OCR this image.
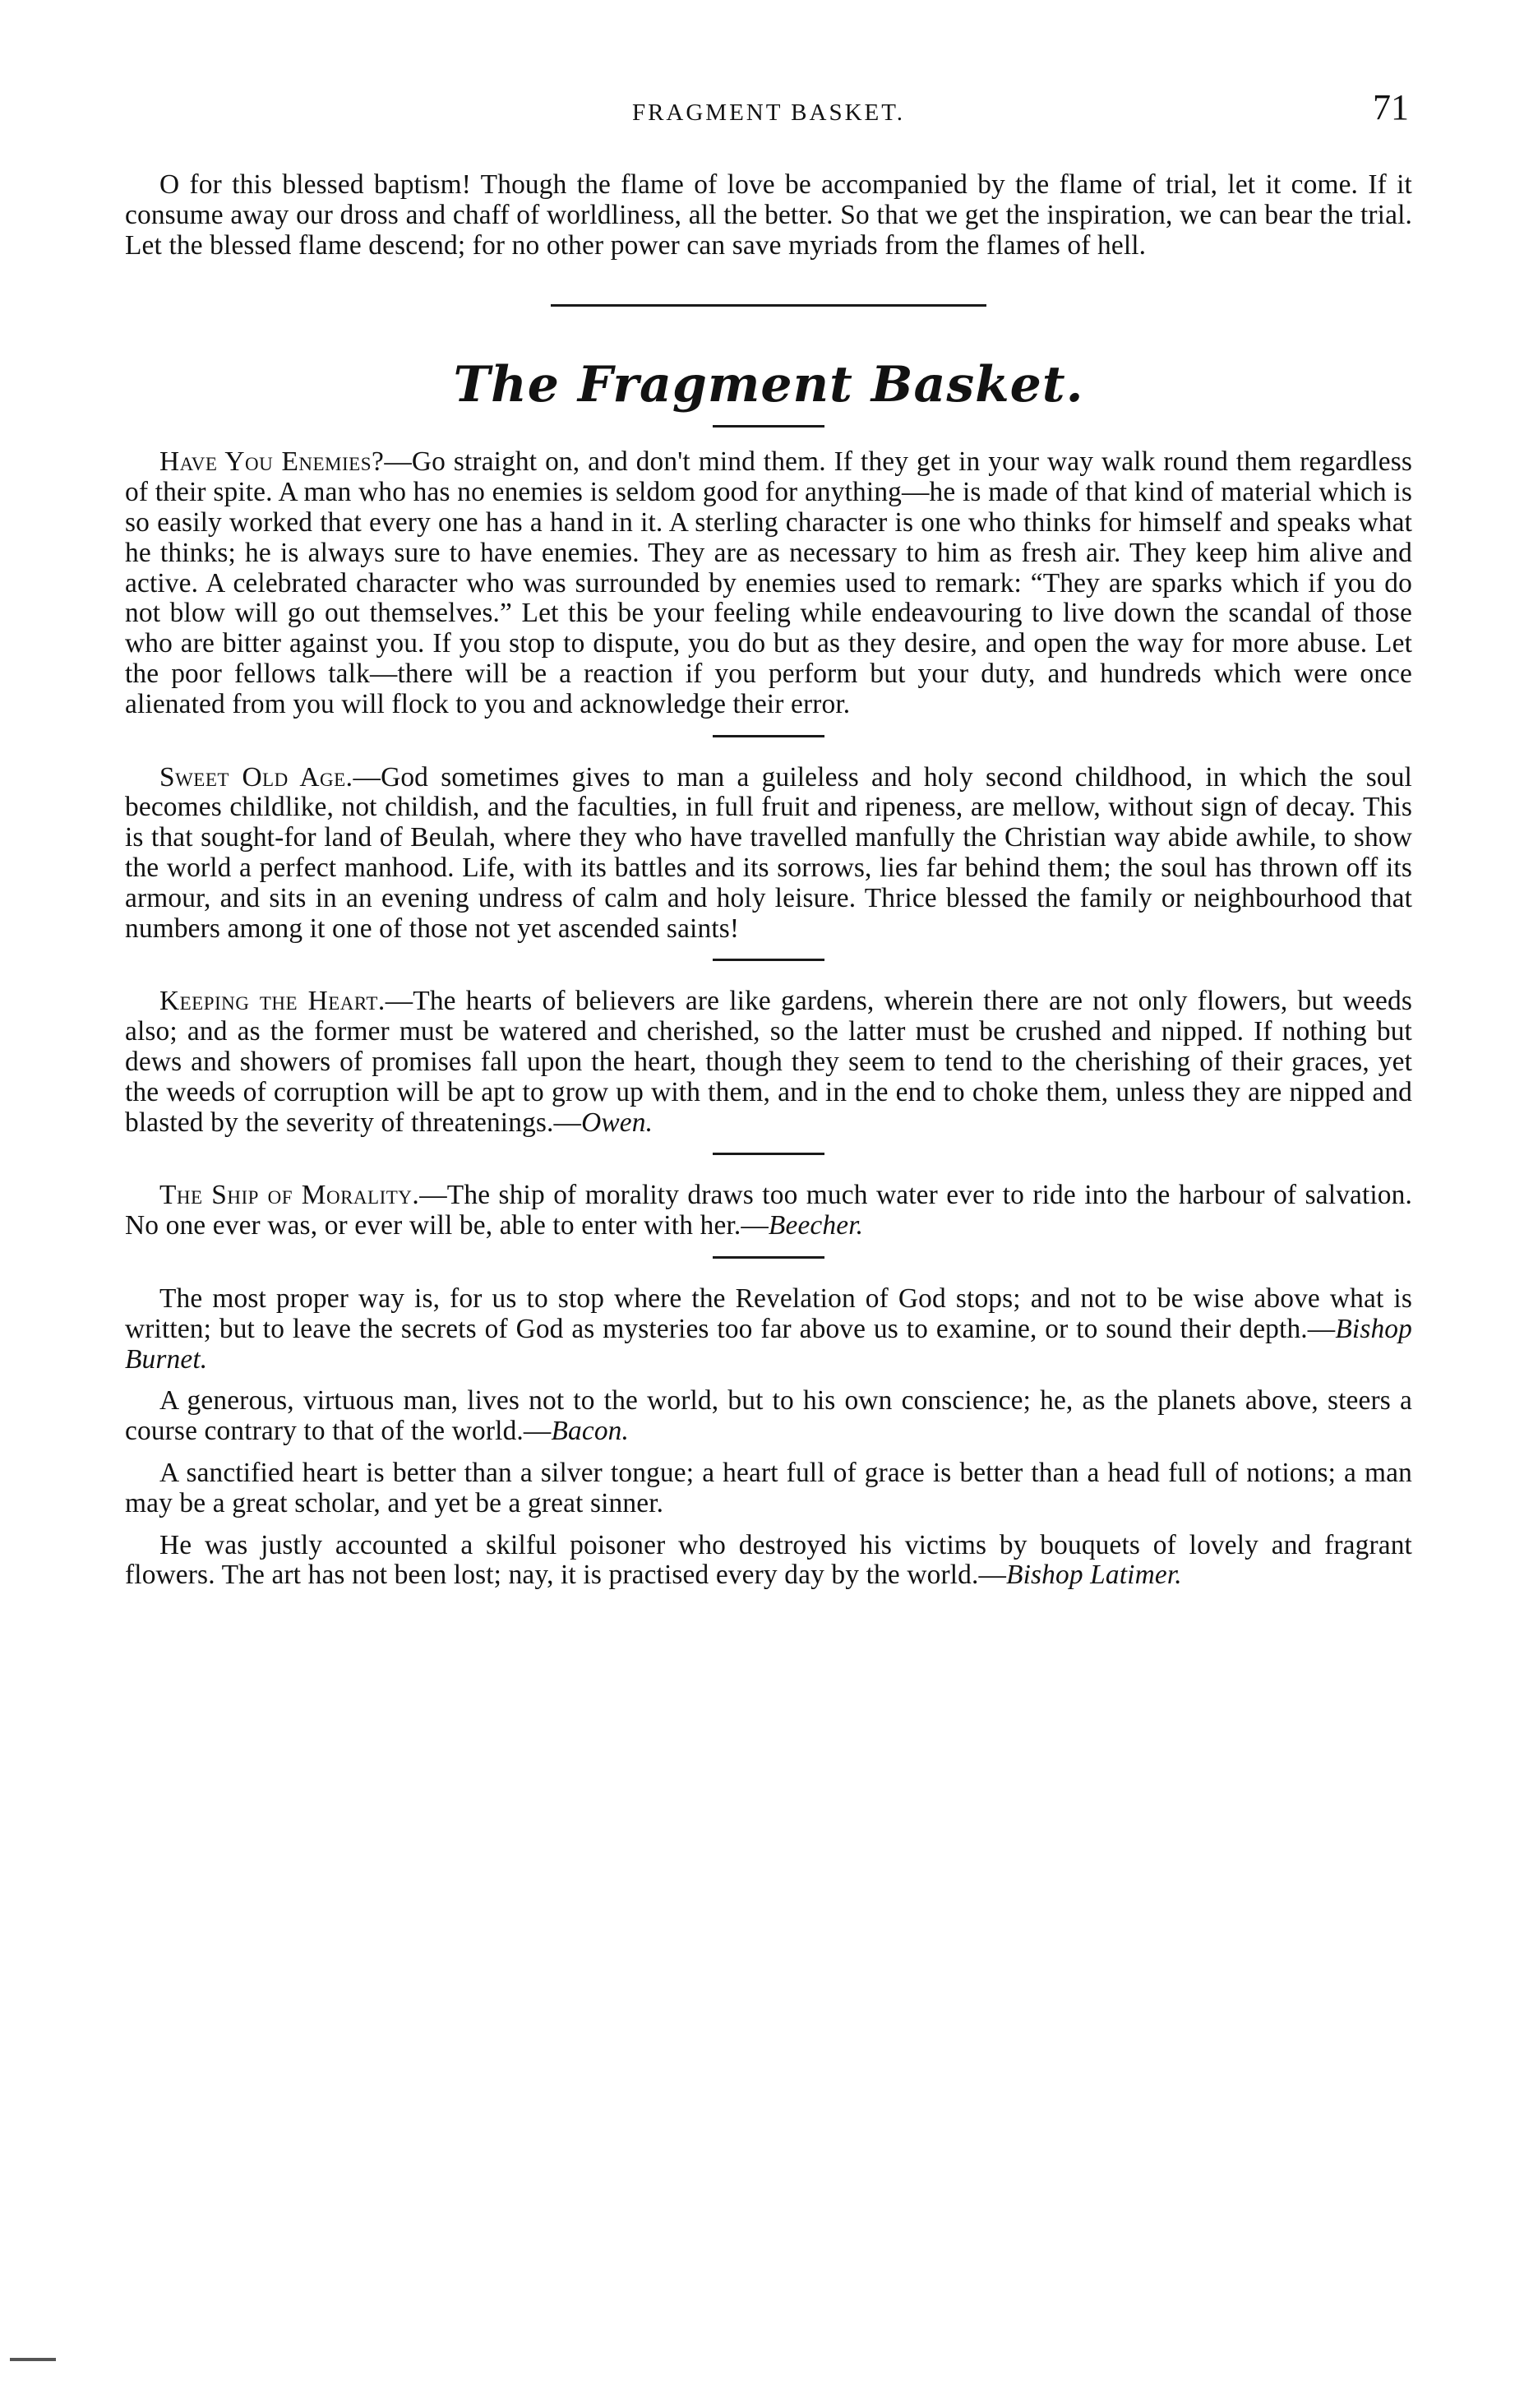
FRAGMENT BASKET.	71

O for this blessed baptism! Though the flame of love be accompanied by the flame of trial, let it come. If it consume away our dross and chaff of worldliness, all the better. So that we get the inspiration, we can bear the trial. Let the blessed flame descend; for no other power can save myriads from the flames of hell.

The Fragment Basket.

Have You Enemies?—Go straight on, and don't mind them. If they get in your way walk round them regardless of their spite. A man who has no enemies is seldom good for anything—he is made of that kind of material which is so easily worked that every one has a hand in it. A sterling character is one who thinks for himself and speaks what he thinks; he is always sure to have enemies. They are as necessary to him as fresh air. They keep him alive and active. A celebrated character who was surrounded by enemies used to remark: “They are sparks which if you do not blow will go out themselves.” Let this be your feeling while endeavouring to live down the scandal of those who are bitter against you. If you stop to dispute, you do but as they desire, and open the way for more abuse. Let the poor fellows talk—there will be a reaction if you perform but your duty, and hundreds which were once alienated from you will flock to you and acknowledge their error.

Sweet Old Age.—God sometimes gives to man a guileless and holy second childhood, in which the soul becomes childlike, not childish, and the faculties, in full fruit and ripeness, are mellow, without sign of decay. This is that sought-for land of Beulah, where they who have travelled manfully the Christian way abide awhile, to show the world a perfect manhood. Life, with its battles and its sorrows, lies far behind them; the soul has thrown off its armour, and sits in an evening undress of calm and holy leisure. Thrice blessed the family or neighbourhood that numbers among it one of those not yet ascended saints!

Keeping the Heart.—The hearts of believers are like gardens, wherein there are not only flowers, but weeds also; and as the former must be watered and cherished, so the latter must be crushed and nipped. If nothing but dews and showers of promises fall upon the heart, though they seem to tend to the cherishing of their graces, yet the weeds of corruption will be apt to grow up with them, and in the end to choke them, unless they are nipped and blasted by the severity of threatenings.—Owen.

The Ship of Morality.—The ship of morality draws too much water ever to ride into the harbour of salvation. No one ever was, or ever will be, able to enter with her.—Beecher.

The most proper way is, for us to stop where the Revelation of God stops; and not to be wise above what is written; but to leave the secrets of God as mysteries too far above us to examine, or to sound their depth.—Bishop Burnet.

A generous, virtuous man, lives not to the world, but to his own conscience; he, as the planets above, steers a course contrary to that of the world.—Bacon.

A sanctified heart is better than a silver tongue; a heart full of grace is better than a head full of notions; a man may be a great scholar, and yet be a great sinner.

He was justly accounted a skilful poisoner who destroyed his victims by bouquets of lovely and fragrant flowers. The art has not been lost; nay, it is practised every day by the world.—Bishop Latimer.
